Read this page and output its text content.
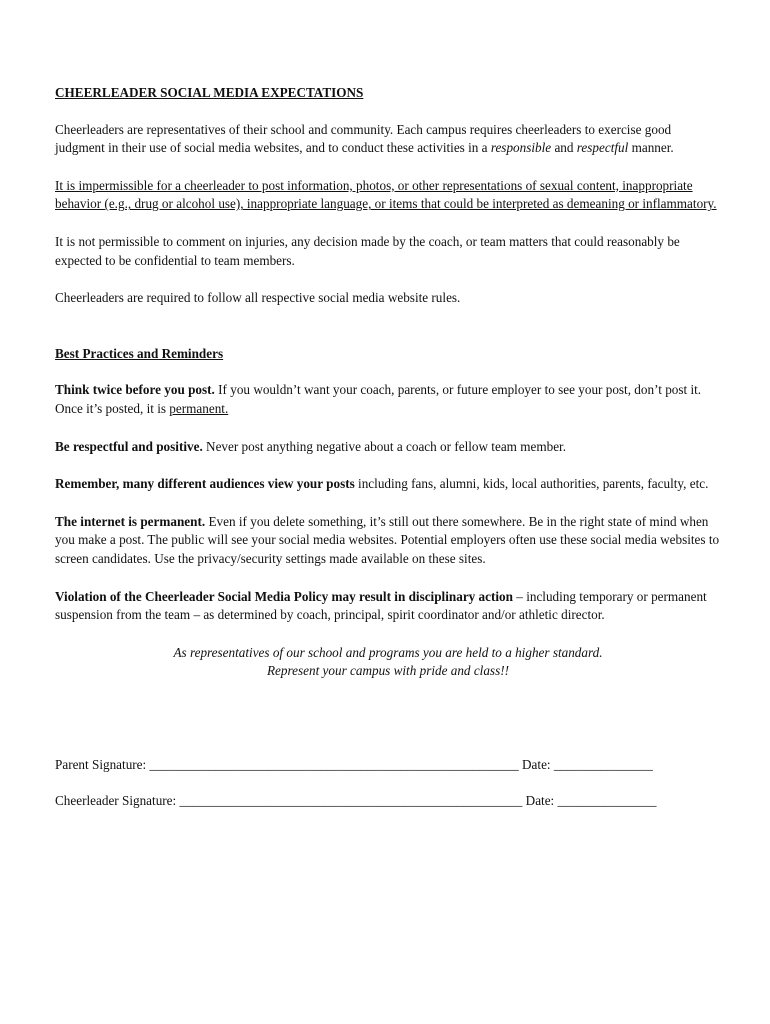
CHEERLEADER SOCIAL MEDIA EXPECTATIONS

Cheerleaders are representatives of their school and community. Each campus requires cheerleaders to exercise good judgment in their use of social media websites, and to conduct these activities in a responsible and respectful manner.

It is impermissible for a cheerleader to post information, photos, or other representations of sexual content, inappropriate behavior (e.g., drug or alcohol use), inappropriate language, or items that could be interpreted as demeaning or inflammatory.

It is not permissible to comment on injuries, any decision made by the coach, or team matters that could reasonably be expected to be confidential to team members.

Cheerleaders are required to follow all respective social media website rules.

Best Practices and Reminders

Think twice before you post. If you wouldn’t want your coach, parents, or future employer to see your post, don’t post it. Once it’s posted, it is permanent.

Be respectful and positive. Never post anything negative about a coach or fellow team member.

Remember, many different audiences view your posts including fans, alumni, kids, local authorities, parents, faculty, etc.

The internet is permanent. Even if you delete something, it’s still out there somewhere. Be in the right state of mind when you make a post. The public will see your social media websites. Potential employers often use these social media websites to screen candidates. Use the privacy/security settings made available on these sites.

Violation of the Cheerleader Social Media Policy may result in disciplinary action – including temporary or permanent suspension from the team – as determined by coach, principal, spirit coordinator and/or athletic director.

As representatives of our school and programs you are held to a higher standard.
Represent your campus with pride and class!!

Parent Signature: ________________________________________________________ Date: _______________

Cheerleader Signature: ____________________________________________________ Date: _______________
